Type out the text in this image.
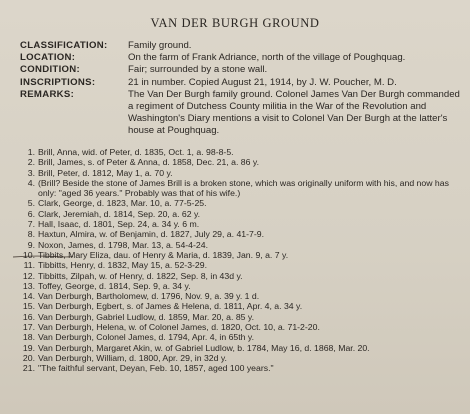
VAN DER BURGH GROUND
CLASSIFICATION:	Family ground.
LOCATION:	On the farm of Frank Adriance, north of the village of Poughquag.
CONDITION:	Fair; surrounded by a stone wall.
INSCRIPTIONS:	21 in number. Copied August 21, 1914, by J. W. Poucher, M. D.
REMARKS:	The Van Der Burgh family ground. Colonel James Van Der Burgh commanded a regiment of Dutchess County militia in the War of the Revolution and Washington's Diary mentions a visit to Colonel Van Der Burgh at the latter's house at Poughquag.
1. Brill, Anna, wid. of Peter, d. 1835, Oct. 1, a. 98-8-5.
2. Brill, James, s. of Peter & Anna, d. 1858, Dec. 21, a. 86 y.
3. Brill, Peter, d. 1812, May 1, a. 70 y.
4. (Brill? Beside the stone of James Brill is a broken stone, which was originally uniform with his, and now has only: "aged 36 years." Probably was that of his wife.)
5. Clark, George, d. 1823, Mar. 10, a. 77-5-25.
6. Clark, Jeremiah, d. 1814, Sep. 20, a. 62 y.
7. Hall, Isaac, d. 1801, Sep. 24, a. 34 y. 6 m.
8. Haxtun, Almira, w. of Benjamin, d. 1827, July 29, a. 41-7-9.
9. Noxon, James, d. 1798, Mar. 13, a. 54-4-24.
10. Tibbits, Mary Eliza, dau. of Henry & Maria, d. 1839, Jan. 9, a. 7 y.
11. Tibbitts, Henry, d. 1832, May 15, a. 52-3-29.
12. Tibbitts, Zilpah, w. of Henry, d. 1822, Sep. 8, in 43d y.
13. Toffey, George, d. 1814, Sep. 9, a. 34 y.
14. Van Derburgh, Bartholomew, d. 1796, Nov. 9, a. 39 y. 1 d.
15. Van Derburgh, Egbert, s. of James & Helena, d. 1811, Apr. 4, a. 34 y.
16. Van Derburgh, Gabriel Ludlow, d. 1859, Mar. 20, a. 85 y.
17. Van Derburgh, Helena, w. of Colonel James, d. 1820, Oct. 10, a. 71-2-20.
18. Van Derburgh, Colonel James, d. 1794, Apr. 4, in 65th y.
19. Van Derburgh, Margaret Akin, w. of Gabriel Ludlow, b. 1784, May 16, d. 1868, Mar. 20.
20. Van Derburgh, William, d. 1800, Apr. 29, in 32d y.
21. "The faithful servant, Deyan, Feb. 10, 1857, aged 100 years."
